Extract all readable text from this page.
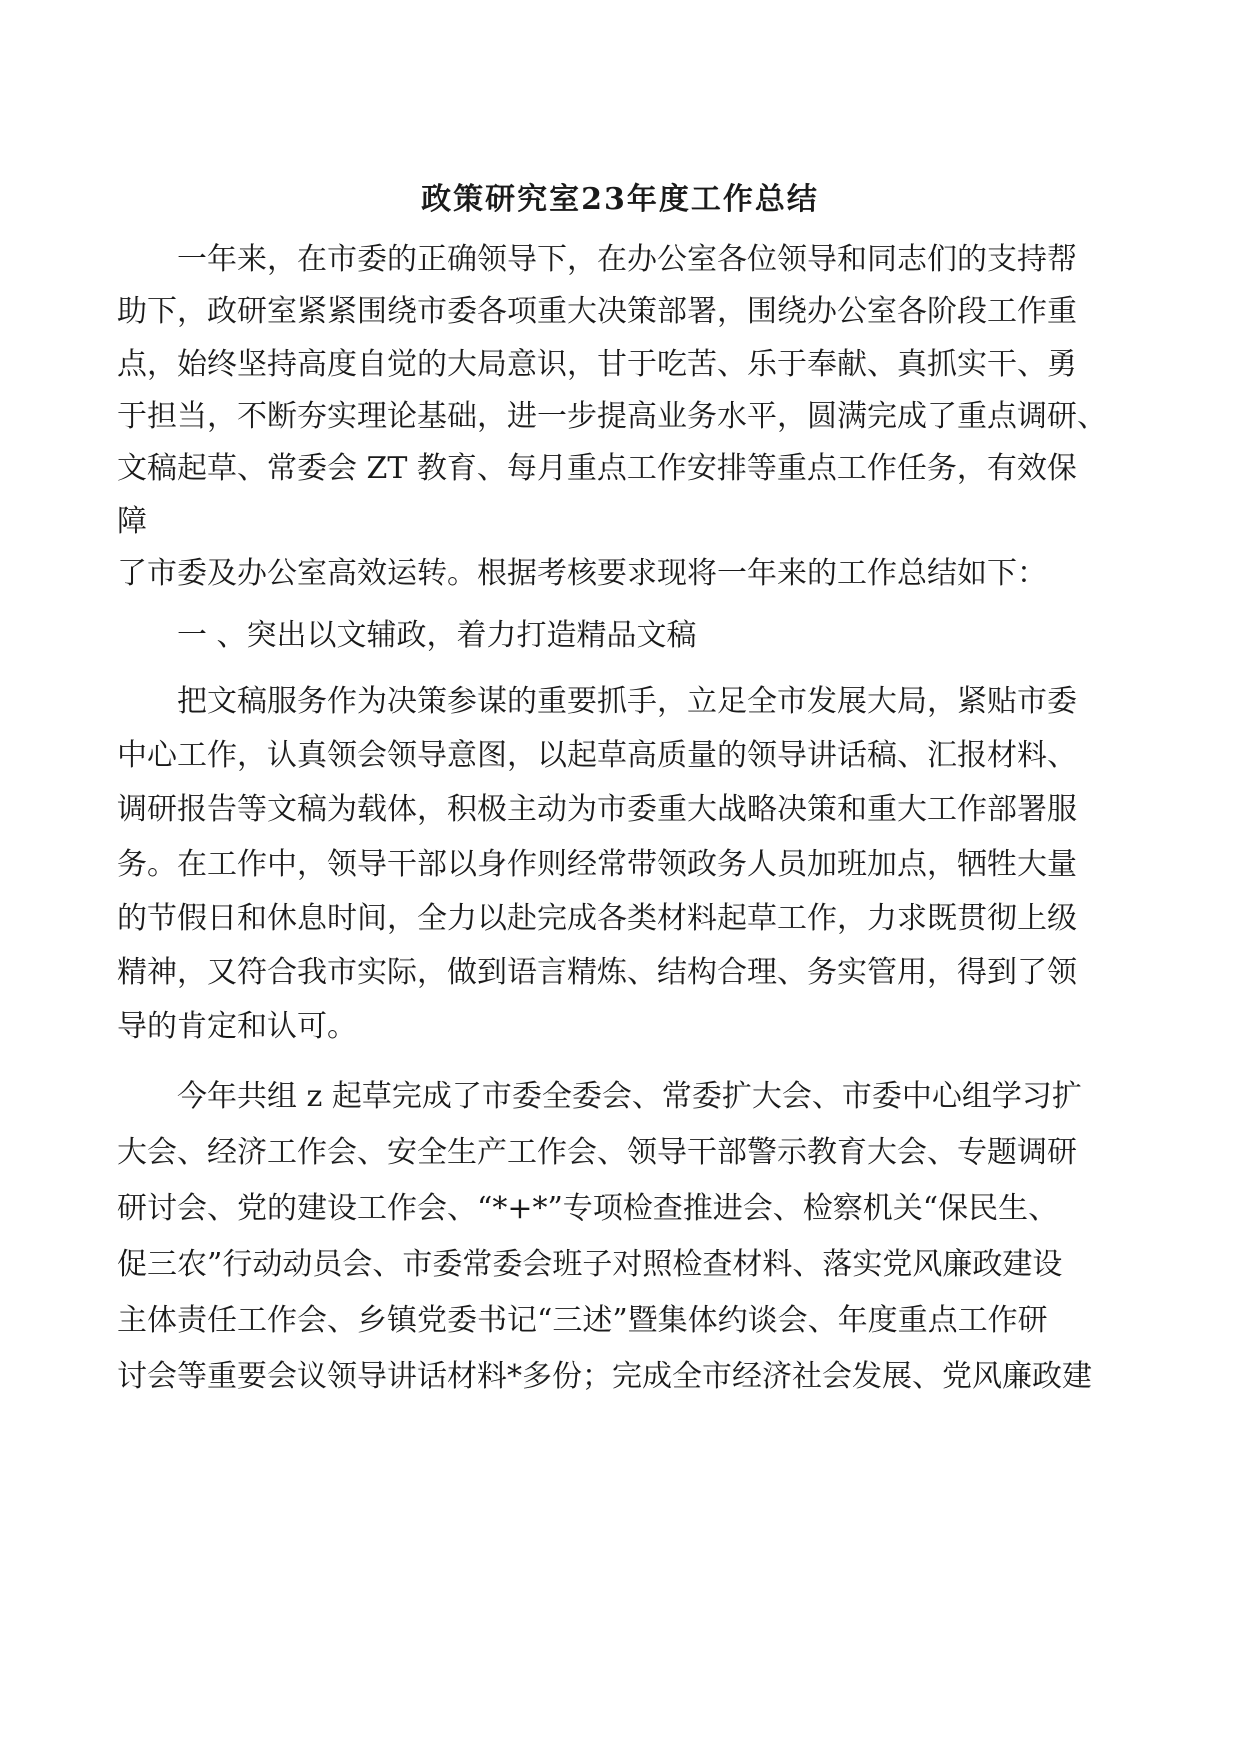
政策研究室23年度工作总结
一年来，在市委的正确领导下，在办公室各位领导和同志们的支持帮
助下，政研室紧紧围绕市委各项重大决策部署，围绕办公室各阶段工作重
点，始终坚持高度自觉的大局意识，甘于吃苦、乐于奉献、真抓实干、勇
于担当，不断夯实理论基础，进一步提高业务水平，圆满完成了重点调研、
文稿起草、常委会 ZT 教育、每月重点工作安排等重点工作任务，有效保
障
了市委及办公室高效运转。根据考核要求现将一年来的工作总结如下：
一 、突出以文辅政，着力打造精品文稿
把文稿服务作为决策参谋的重要抓手，立足全市发展大局，紧贴市委
中心工作，认真领会领导意图，以起草高质量的领导讲话稿、汇报材料、
调研报告等文稿为载体，积极主动为市委重大战略决策和重大工作部署服
务。在工作中，领导干部以身作则经常带领政务人员加班加点，牺牲大量
的节假日和休息时间，全力以赴完成各类材料起草工作，力求既贯彻上级
精神，又符合我市实际，做到语言精炼、结构合理、务实管用，得到了领
导的肯定和认可。
今年共组 z 起草完成了市委全委会、常委扩大会、市委中心组学习扩
大会、经济工作会、安全生产工作会、领导干部警示教育大会、专题调研
研讨会、党的建设工作会、“*+*”专项检查推进会、检察机关“保民生、
促三农”行动动员会、市委常委会班子对照检查材料、落实党风廉政建设
主体责任工作会、乡镇党委书记“三述”暨集体约谈会、年度重点工作研
讨会等重要会议领导讲话材料*多份；完成全市经济社会发展、党风廉政建
